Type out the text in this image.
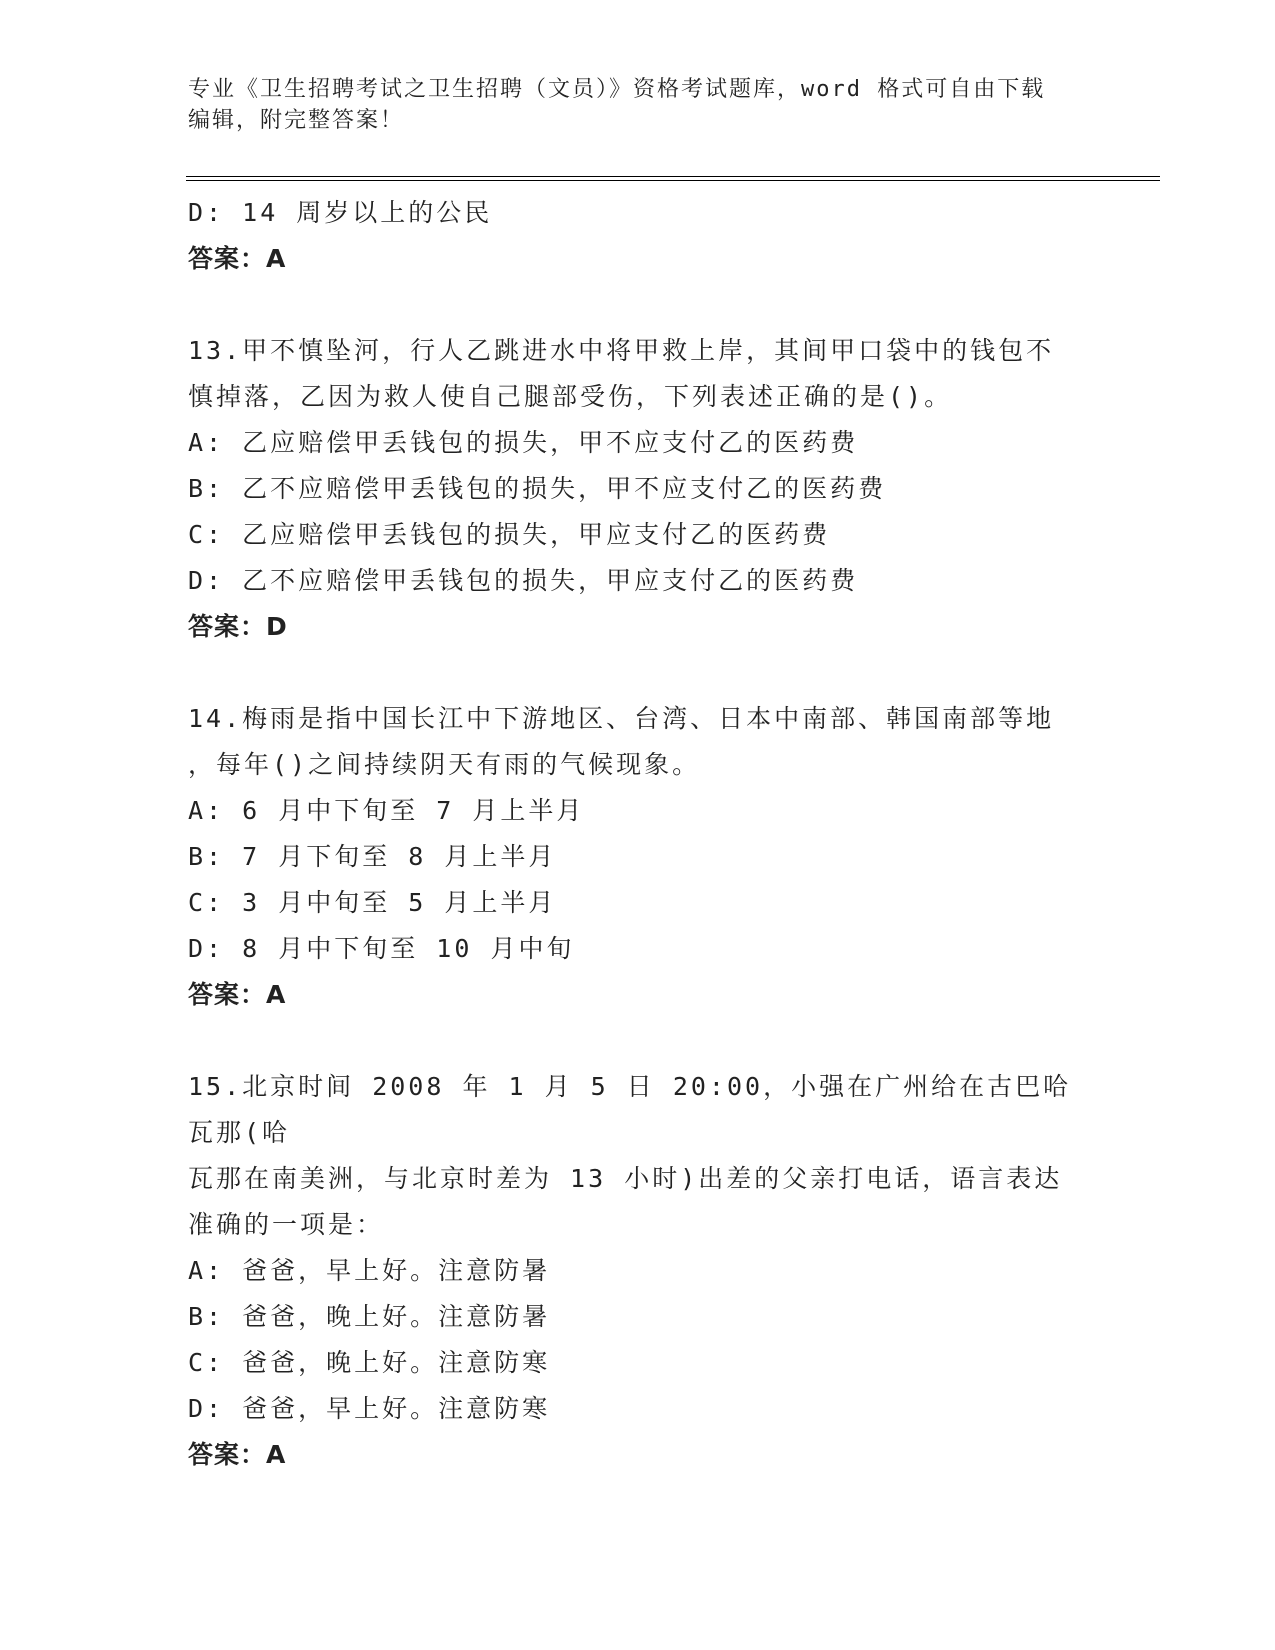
专业《卫生招聘考试之卫生招聘（文员）》资格考试题库，word 格式可自由下载
编辑，附完整答案！
D: 14 周岁以上的公民
答案：A
13.甲不慎坠河，行人乙跳进水中将甲救上岸，其间甲口袋中的钱包不
慎掉落，乙因为救人使自己腿部受伤，下列表述正确的是()。
A: 乙应赔偿甲丢钱包的损失，甲不应支付乙的医药费
B: 乙不应赔偿甲丢钱包的损失，甲不应支付乙的医药费
C: 乙应赔偿甲丢钱包的损失，甲应支付乙的医药费
D: 乙不应赔偿甲丢钱包的损失，甲应支付乙的医药费
答案：D
14.梅雨是指中国长江中下游地区、台湾、日本中南部、韩国南部等地
，每年()之间持续阴天有雨的气候现象。
A: 6 月中下旬至 7 月上半月
B: 7 月下旬至 8 月上半月
C: 3 月中旬至 5 月上半月
D: 8 月中下旬至 10 月中旬
答案：A
15.北京时间 2008 年 1 月 5 日 20:00，小强在广州给在古巴哈瓦那(哈
瓦那在南美洲，与北京时差为 13 小时)出差的父亲打电话，语言表达
准确的一项是：
A: 爸爸，早上好。注意防暑
B: 爸爸，晚上好。注意防暑
C: 爸爸，晚上好。注意防寒
D: 爸爸，早上好。注意防寒
答案：A
